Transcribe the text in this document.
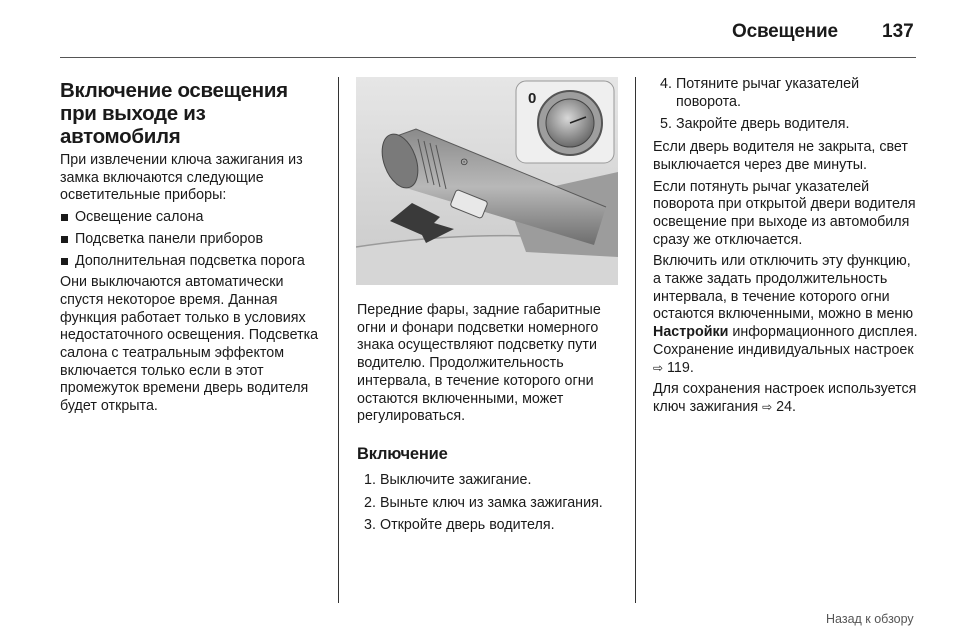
Освещение 137
Включение освещения при выходе из автомобиля

При извлечении ключа зажигания из замка включаются следующие осветительные приборы:

Освещение салона
Подсветка панели приборов
Дополнительная подсветка порога

Они выключаются автоматически спустя некоторое время. Данная функция работает только в условиях недостаточного освещения. Подсветка салона с театральным эффектом включается только если в этот промежуток времени дверь водителя будет открыта.

⊙
0

Передние фары, задние габаритные огни и фонари подсветки номерного знака осуществляют подсветку пути водителю. Продолжительность интервала, в течение которого огни остаются включенными, может регулироваться.

Включение
1. Выключите зажигание.
2. Выньте ключ из замка зажигания.
3. Откройте дверь водителя.
4. Потяните рычаг указателей поворота.
5. Закройте дверь водителя.

Если дверь водителя не закрыта, свет выключается через две минуты.

Если потянуть рычаг указателей поворота при открытой двери водителя освещение при выходе из автомобиля сразу же отключается.

Включить или отключить эту функцию, а также задать продолжительность интервала, в течение которого огни остаются включенными, можно в меню Настройки информационного дисплея. Сохранение индивидуальных настроек ⇨ 119.

Для сохранения настроек используется ключ зажигания ⇨ 24.

Назад к обзору
